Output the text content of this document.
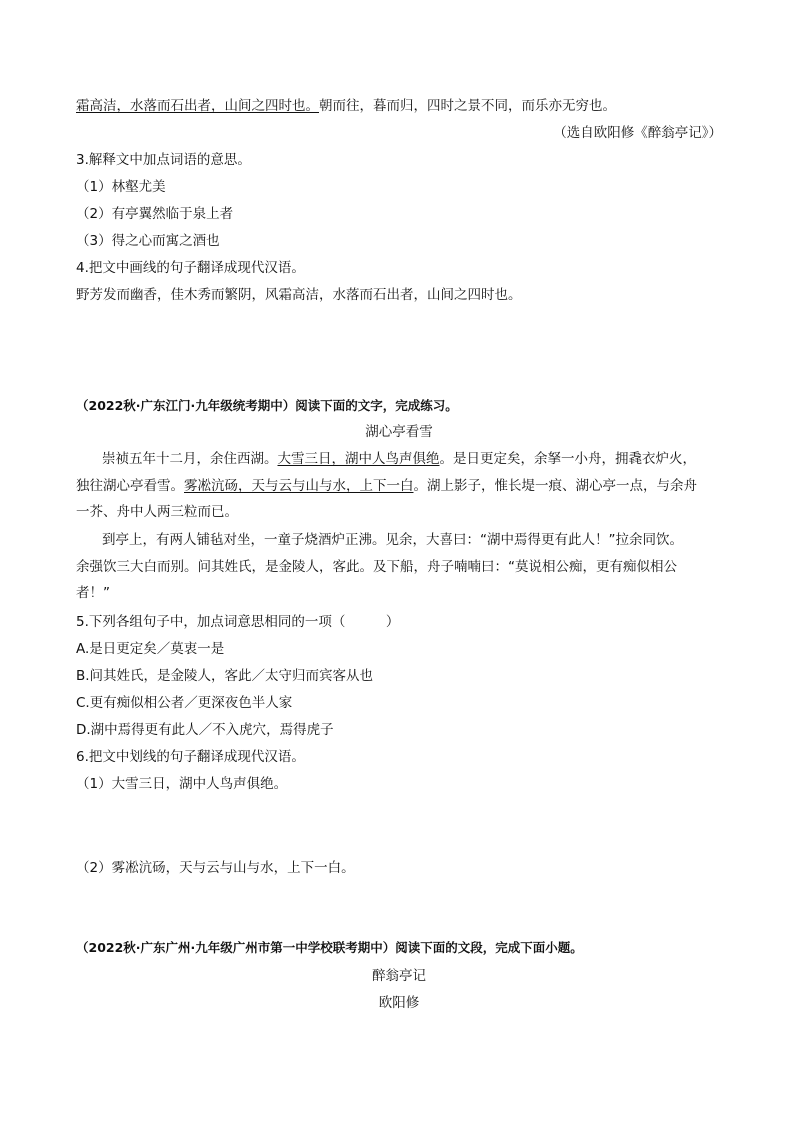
霜高洁，水落而石出者，山间之四时也。朝而往，暮而归，四时之景不同，而乐亦无穷也。
（选自欧阳修《醉翁亭记》）
3.解释文中加点词语的意思。
（1）林壑尤美
（2）有亭翼然临于泉上者
（3）得之心而寓之酒也
4.把文中画线的句子翻译成现代汉语。
野芳发而幽香，佳木秀而繁阴，风霜高洁，水落而石出者，山间之四时也。
（2022秋·广东江门·九年级统考期中）阅读下面的文字，完成练习。
湖心亭看雪
崇祯五年十二月，余住西湖。大雪三日，湖中人鸟声俱绝。是日更定矣，余拏一小舟，拥毳衣炉火，
独往湖心亭看雪。雾凇沆砀，天与云与山与水，上下一白。湖上影子，惟长堤一痕、湖心亭一点，与余舟
一芥、舟中人两三粒而已。
到亭上，有两人铺毡对坐，一童子烧酒炉正沸。见余，大喜曰：“湖中焉得更有此人！”拉余同饮。
余强饮三大白而别。问其姓氏，是金陵人，客此。及下船，舟子喃喃曰：“莫说相公痴，更有痴似相公
者！”
5.下列各组句子中，加点词意思相同的一项（　　　）
A.是日更定矣／莫衷一是
B.问其姓氏，是金陵人，客此／太守归而宾客从也
C.更有痴似相公者／更深夜色半人家
D.湖中焉得更有此人／不入虎穴，焉得虎子
6.把文中划线的句子翻译成现代汉语。
（1）大雪三日，湖中人鸟声俱绝。
（2）雾凇沆砀，天与云与山与水，上下一白。
（2022秋·广东广州·九年级广州市第一中学校联考期中）阅读下面的文段，完成下面小题。
醉翁亭记
欧阳修
